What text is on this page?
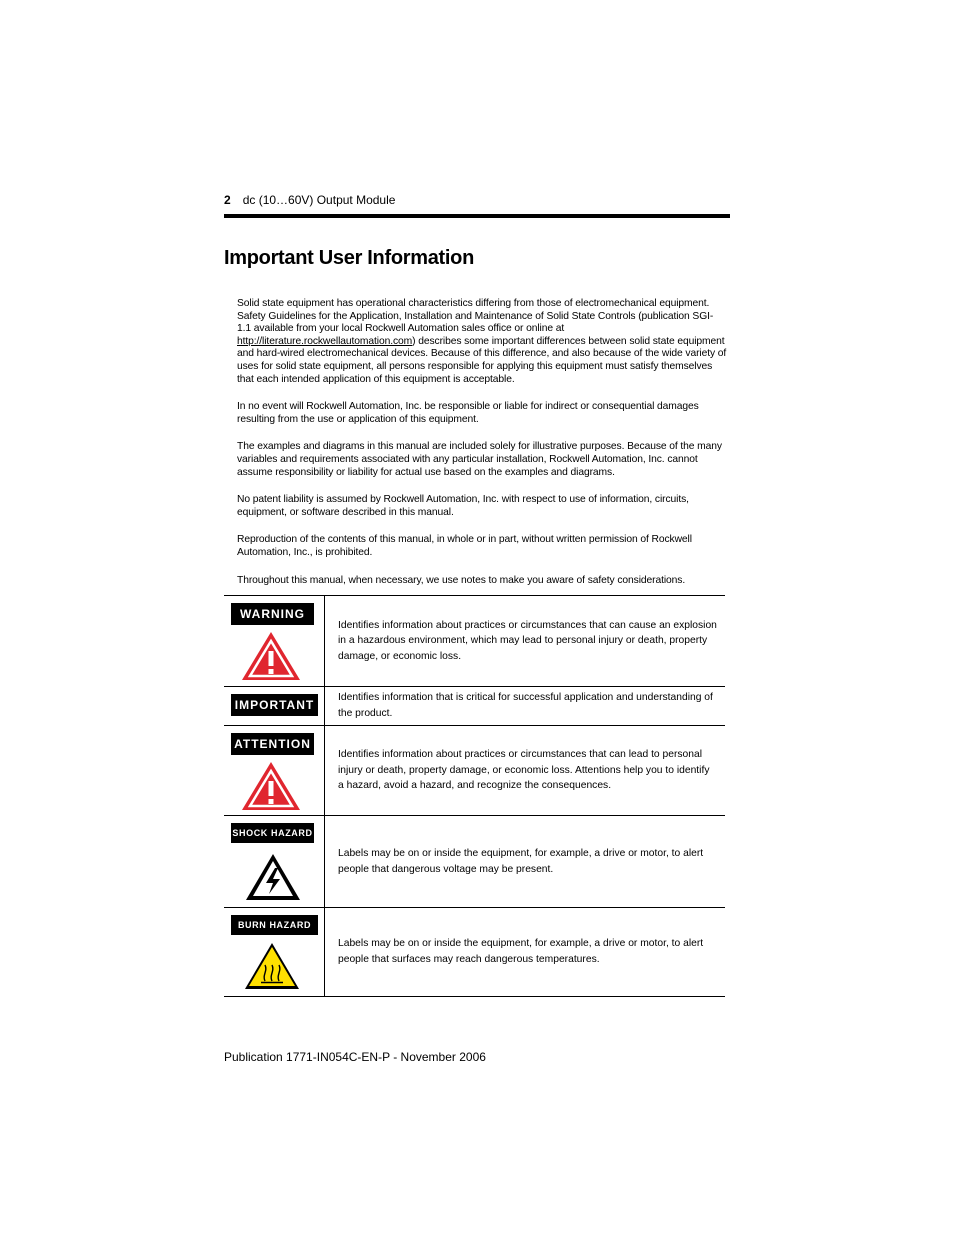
2 dc (10…60V) Output Module
Important User Information

Solid state equipment has operational characteristics differing from those of electromechanical equipment. Safety Guidelines for the Application, Installation and Maintenance of Solid State Controls (publication SGI-1.1 available from your local Rockwell Automation sales office or online at http://literature.rockwellautomation.com) describes some important differences between solid state equipment and hard-wired electromechanical devices. Because of this difference, and also because of the wide variety of uses for solid state equipment, all persons responsible for applying this equipment must satisfy themselves that each intended application of this equipment is acceptable.

In no event will Rockwell Automation, Inc. be responsible or liable for indirect or consequential damages resulting from the use or application of this equipment.

The examples and diagrams in this manual are included solely for illustrative purposes. Because of the many variables and requirements associated with any particular installation, Rockwell Automation, Inc. cannot assume responsibility or liability for actual use based on the examples and diagrams.

No patent liability is assumed by Rockwell Automation, Inc. with respect to use of information, circuits, equipment, or software described in this manual.

Reproduction of the contents of this manual, in whole or in part, without written permission of Rockwell Automation, Inc., is prohibited.

Throughout this manual, when necessary, we use notes to make you aware of safety considerations.

WARNING	Identifies information about practices or circumstances that can cause an explosion in a hazardous environment, which may lead to personal injury or death, property damage, or economic loss.

IMPORTANT	Identifies information that is critical for successful application and understanding of the product.

ATTENTION	Identifies information about practices or circumstances that can lead to personal injury or death, property damage, or economic loss. Attentions help you to identify a hazard, avoid a hazard, and recognize the consequences.

SHOCK HAZARD	Labels may be on or inside the equipment, for example, a drive or motor, to alert people that dangerous voltage may be present.

BURN HAZARD	Labels may be on or inside the equipment, for example, a drive or motor, to alert people that surfaces may reach dangerous temperatures.
Publication 1771-IN054C-EN-P - November 2006
